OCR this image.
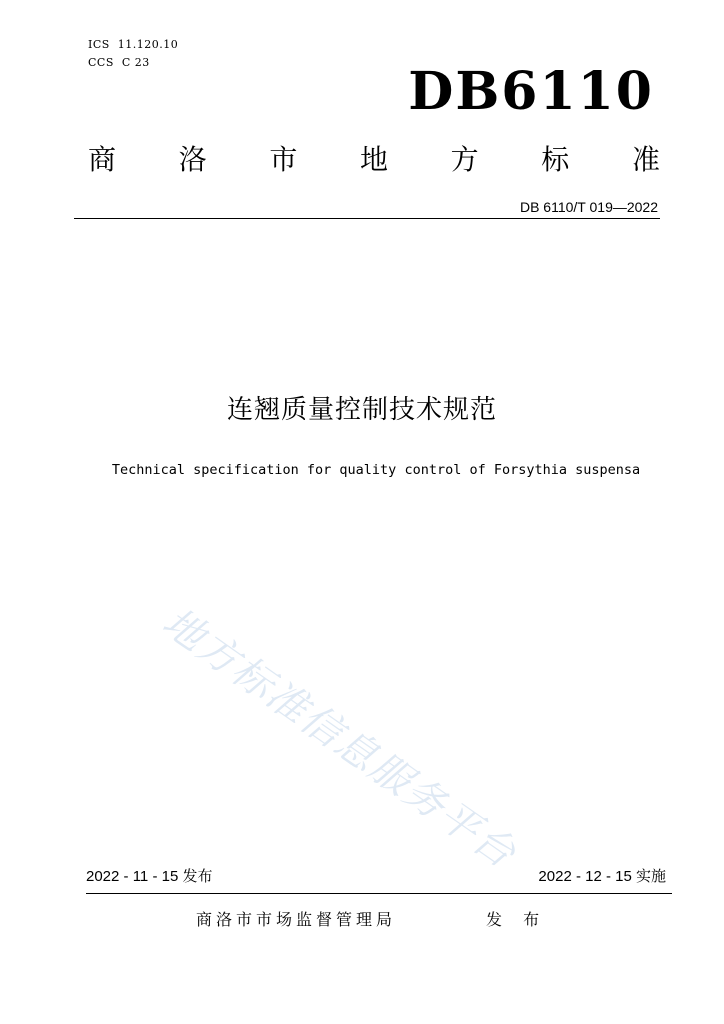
ICS  11.120.10
CCS  C 23	DB6110
商 洛 市 地 方 标 准
DB 6110/T 019—2022
连翘质量控制技术规范
Technical specification for quality control of Forsythia suspensa
地方标准信息服务平台
2022 - 11 - 15 发布	2022 - 12 - 15 实施
商洛市市场监督管理局	发 布
